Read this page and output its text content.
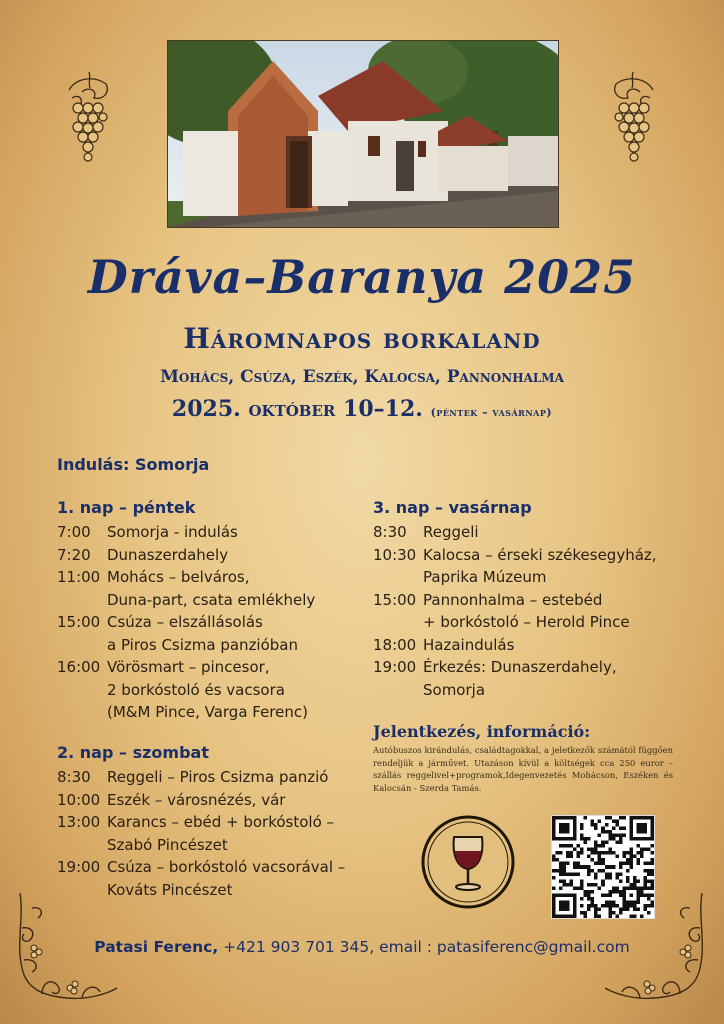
Dráva–Baranya 2025
Háromnapos borkaland
Mohács, Csúza, Eszék, Kalocsa, Pannonhalma
2025. október 10–12. (péntek – vasárnap)
Indulás: Somorja
1. nap – péntek
7:00	Somorja - indulás
7:20	Dunaszerdahely
11:00 Mohács – belváros,
Duna-part, csata emlékhely
15:00 Csúza – elszállásolás
a Piros Csizma panzióban
16:00 Vörösmart – pincesor,
2 borkóstoló és vacsora
(M&M Pince, Varga Ferenc)
2. nap – szombat
8:30	Reggeli – Piros Csizma panzió
10:00 Eszék – városnézés, vár
13:00 Karancs – ebéd + borkóstoló –
Szabó Pincészet
19:00 Csúza – borkóstoló vacsorával –
Kováts Pincészet
3. nap – vasárnap
8:30	Reggeli
10:30 Kalocsa – érseki székesegyház,
Paprika Múzeum
15:00 Pannonhalma – estebéd
+ borkóstoló – Herold Pince
18:00 Hazaindulás
19:00 Érkezés: Dunaszerdahely,
Somorja
Jelentkezés, információ:

Autóbuszos kirándulás, családtagokkal, a jeletkezők számától függően rendeljük a járművet. Utazáson kívül a költségek cca 250 euror – szállás reggelivel+programok,Idegenvezetés Mohácson, Eszéken és Kalocsán - Szerda Tamás.

Patasi Ferenc, +421 903 701 345, email : patasiferenc@gmail.com
